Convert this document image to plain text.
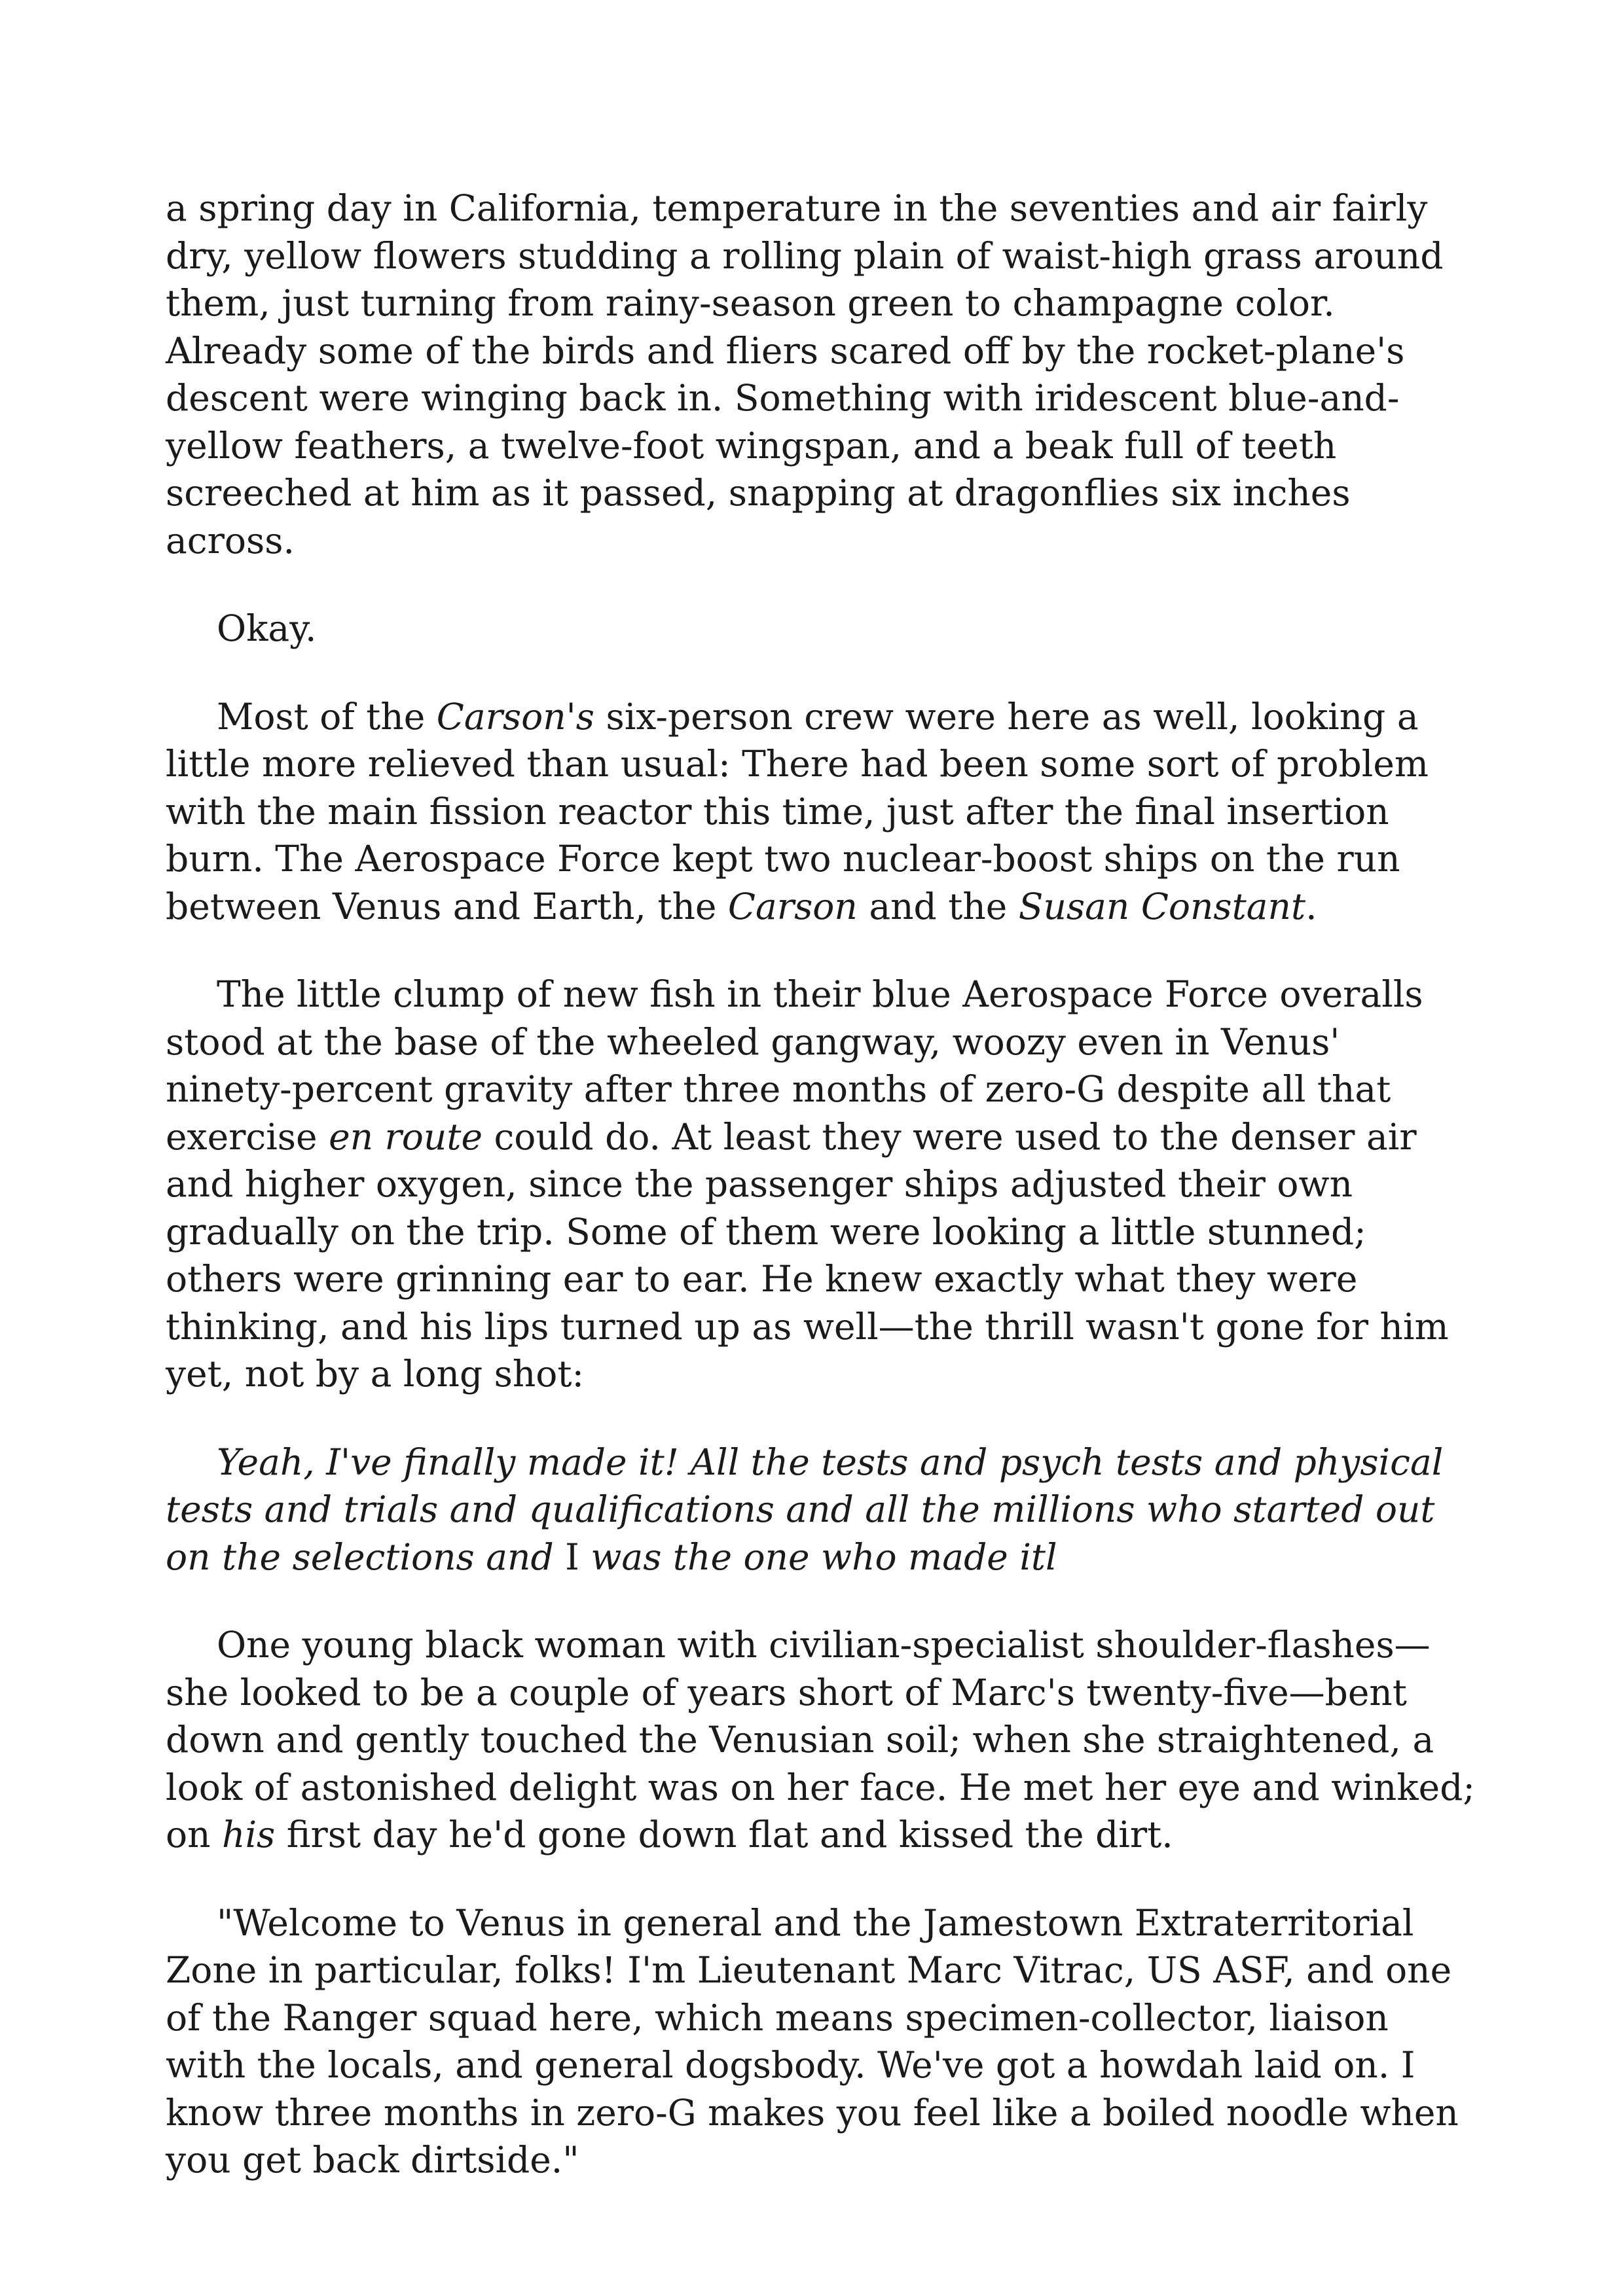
a spring day in California, temperature in the seventies and air fairly dry, yellow flowers studding a rolling plain of waist-high grass around them, just turning from rainy-season green to champagne color. Already some of the birds and fliers scared off by the rocket-plane's descent were winging back in. Something with iridescent blue-and-yellow feathers, a twelve-foot wingspan, and a beak full of teeth screeched at him as it passed, snapping at dragonflies six inches across.

Okay.

Most of the Carson's six-person crew were here as well, looking a little more relieved than usual: There had been some sort of problem with the main fission reactor this time, just after the final insertion burn. The Aerospace Force kept two nuclear-boost ships on the run between Venus and Earth, the Carson and the Susan Constant.

The little clump of new fish in their blue Aerospace Force overalls stood at the base of the wheeled gangway, woozy even in Venus' ninety-percent gravity after three months of zero-G despite all that exercise en route could do. At least they were used to the denser air and higher oxygen, since the passenger ships adjusted their own gradually on the trip. Some of them were looking a little stunned; others were grinning ear to ear. He knew exactly what they were thinking, and his lips turned up as well—the thrill wasn't gone for him yet, not by a long shot:

Yeah, I've finally made it! All the tests and psych tests and physical tests and trials and qualifications and all the millions who started out on the selections and I was the one who made itl

One young black woman with civilian-specialist shoulder-flashes—she looked to be a couple of years short of Marc's twenty-five—bent down and gently touched the Venusian soil; when she straightened, a look of astonished delight was on her face. He met her eye and winked; on his first day he'd gone down flat and kissed the dirt.

"Welcome to Venus in general and the Jamestown Extraterritorial Zone in particular, folks! I'm Lieutenant Marc Vitrac, US ASF, and one of the Ranger squad here, which means specimen-collector, liaison with the locals, and general dogsbody. We've got a howdah laid on. I know three months in zero-G makes you feel like a boiled noodle when you get back dirtside."
